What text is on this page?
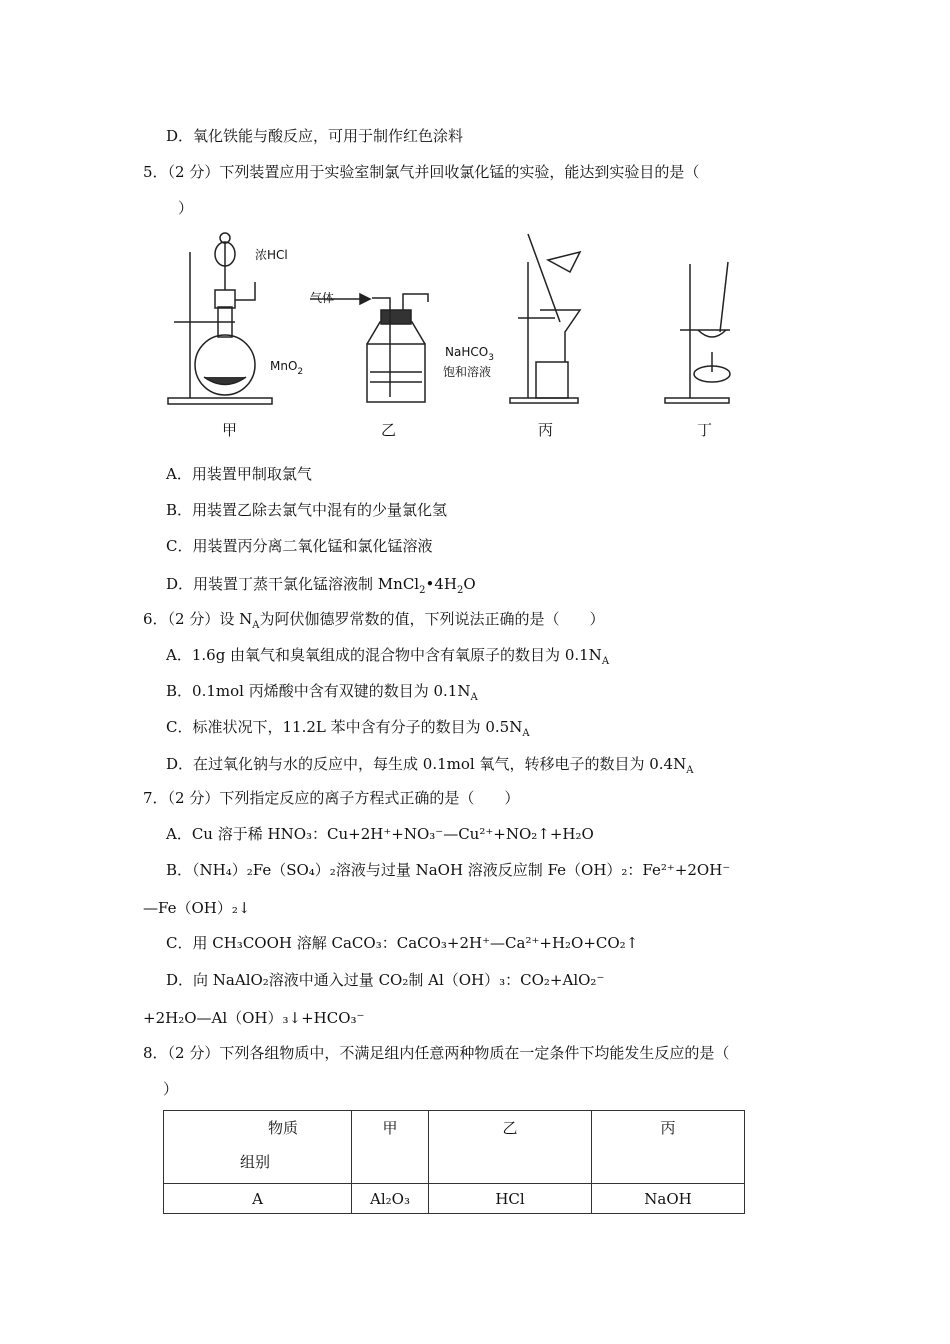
D．氧化铁能与酸反应，可用于制作红色涂料
5．（2 分）下列装置应用于实验室制氯气并回收氯化锰的实验，能达到实验目的是（
）
浓HCl
MnO$_2$
气体
NaHCO$_3$
饱和溶液
甲	乙	丙	丁
A．用装置甲制取氯气
B．用装置乙除去氯气中混有的少量氯化氢
C．用装置丙分离二氧化锰和氯化锰溶液
D．用装置丁蒸干氯化锰溶液制 $MnCl_2•4H_2O$
6．（2 分）设 $N_A$为阿伏伽德罗常数的值，下列说法正确的是（　　）
A．1.6g 由氧气和臭氧组成的混合物中含有氧原子的数目为 $0.1N_A$
B．0.1mol 丙烯酸中含有双键的数目为 $0.1N_A$
C．标准状况下，11.2L 苯中含有分子的数目为 $0.5N_A$
D．在过氧化钠与水的反应中，每生成 0.1mol 氧气，转移电子的数目为 $0.4N_A$
7．（2 分）下列指定反应的离子方程式正确的是（　　）
A．Cu 溶于稀 HNO₃：Cu+2H⁺+NO₃⁻—Cu²⁺+NO₂↑+H₂O
B．（NH₄）₂Fe（SO₄）₂溶液与过量 NaOH 溶液反应制 Fe（OH）₂：Fe²⁺+2OH⁻
—Fe（OH）₂↓
C．用 CH₃COOH 溶解 CaCO₃：CaCO₃+2H⁺—Ca²⁺+H₂O+CO₂↑
D．向 NaAlO₂溶液中通入过量 CO₂制 Al（OH）₃：CO₂+AlO₂⁻
+2H₂O—Al（OH）₃↓+HCO₃⁻
8．（2 分）下列各组物质中，不满足组内任意两种物质在一定条件下均能发生反应的是（
）
物质
组别	甲	乙	丙
A	Al₂O₃	HCl	NaOH
